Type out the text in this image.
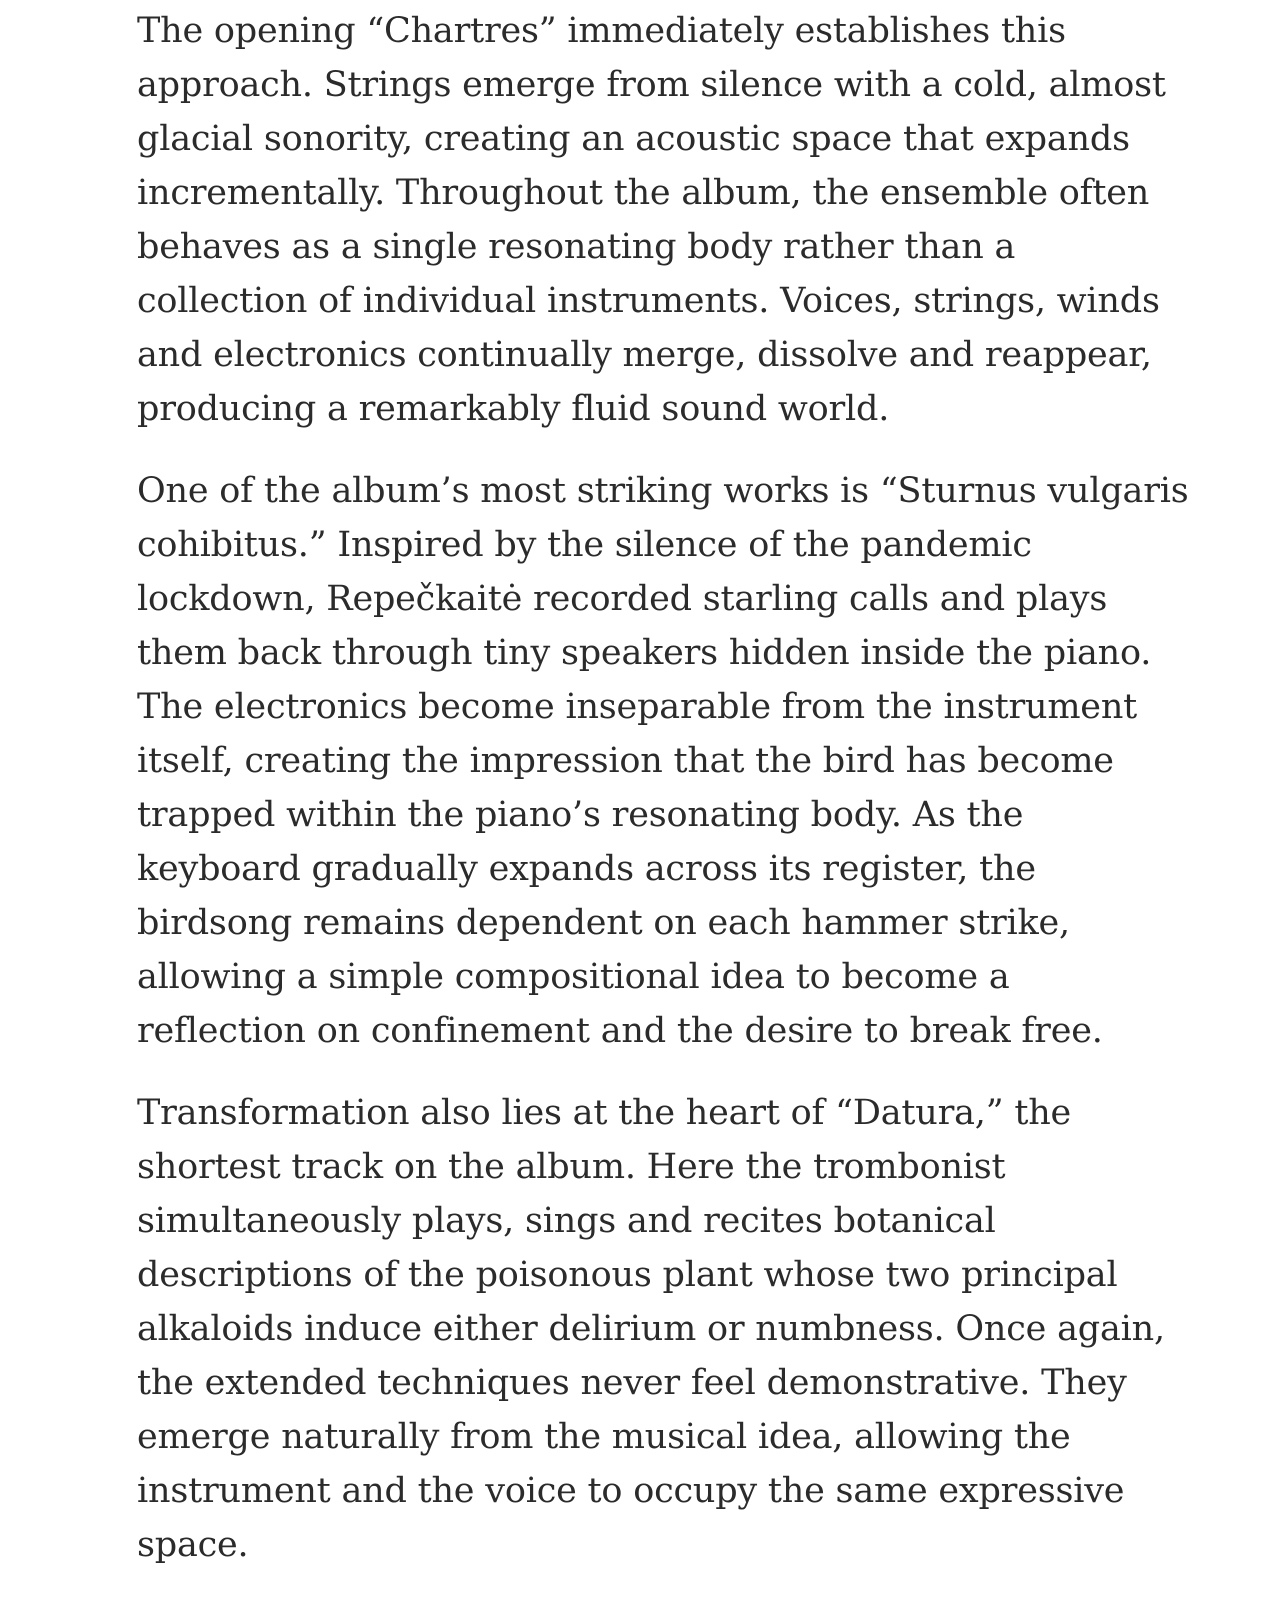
The opening “Chartres” immediately establishes this
approach. Strings emerge from silence with a cold, almost
glacial sonority, creating an acoustic space that expands
incrementally. Throughout the album, the ensemble often
behaves as a single resonating body rather than a
collection of individual instruments. Voices, strings, winds
and electronics continually merge, dissolve and reappear,
producing a remarkably fluid sound world.

One of the album’s most striking works is “Sturnus vulgaris
cohibitus.” Inspired by the silence of the pandemic
lockdown, Repečkaitė recorded starling calls and plays
them back through tiny speakers hidden inside the piano.
The electronics become inseparable from the instrument
itself, creating the impression that the bird has become
trapped within the piano’s resonating body. As the
keyboard gradually expands across its register, the
birdsong remains dependent on each hammer strike,
allowing a simple compositional idea to become a
reflection on confinement and the desire to break free.

Transformation also lies at the heart of “Datura,” the
shortest track on the album. Here the trombonist
simultaneously plays, sings and recites botanical
descriptions of the poisonous plant whose two principal
alkaloids induce either delirium or numbness. Once again,
the extended techniques never feel demonstrative. They
emerge naturally from the musical idea, allowing the
instrument and the voice to occupy the same expressive
space.
